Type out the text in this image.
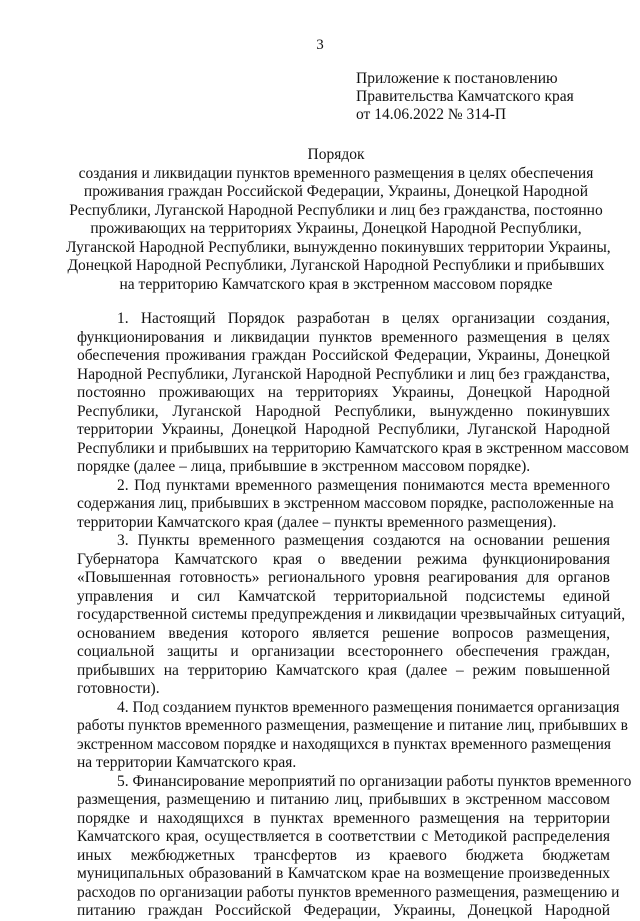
3
Приложение к постановлению
Правительства Камчатского края
от 14.06.2022 № 314-П
Порядок
создания и ликвидации пунктов временного размещения в целях обеспечения
проживания граждан Российской Федерации, Украины, Донецкой Народной
Республики, Луганской Народной Республики и лиц без гражданства, постоянно
проживающих на территориях Украины, Донецкой Народной Республики,
Луганской Народной Республики, вынужденно покинувших территории Украины,
Донецкой Народной Республики, Луганской Народной Республики и прибывших
на территорию Камчатского края в экстренном массовом порядке
1. Настоящий Порядок разработан в целях организации создания,
функционирования и ликвидации пунктов временного размещения в целях
обеспечения проживания граждан Российской Федерации, Украины, Донецкой
Народной Республики, Луганской Народной Республики и лиц без гражданства,
постоянно проживающих на территориях Украины, Донецкой Народной
Республики, Луганской Народной Республики, вынужденно покинувших
территории Украины, Донецкой Народной Республики, Луганской Народной
Республики и прибывших на территорию Камчатского края в экстренном массовом
порядке (далее – лица, прибывшие в экстренном массовом порядке).
2. Под пунктами временного размещения понимаются места временного
содержания лиц, прибывших в экстренном массовом порядке, расположенные на
территории Камчатского края (далее – пункты временного размещения).
3. Пункты временного размещения создаются на основании решения
Губернатора Камчатского края о введении режима функционирования
«Повышенная готовность» регионального уровня реагирования для органов
управления и сил Камчатской территориальной подсистемы единой
государственной системы предупреждения и ликвидации чрезвычайных ситуаций,
основанием введения которого является решение вопросов размещения,
социальной защиты и организации всестороннего обеспечения граждан,
прибывших на территорию Камчатского края (далее – режим повышенной
готовности).
4. Под созданием пунктов временного размещения понимается организация
работы пунктов временного размещения, размещение и питание лиц, прибывших в
экстренном массовом порядке и находящихся в пунктах временного размещения
на территории Камчатского края.
5. Финансирование мероприятий по организации работы пунктов временного
размещения, размещению и питанию лиц, прибывших в экстренном массовом
порядке и находящихся в пунктах временного размещения на территории
Камчатского края, осуществляется в соответствии с Методикой распределения
иных межбюджетных трансфертов из краевого бюджета бюджетам
муниципальных образований в Камчатском крае на возмещение произведенных
расходов по организации работы пунктов временного размещения, размещению и
питанию граждан Российской Федерации, Украины, Донецкой Народной
